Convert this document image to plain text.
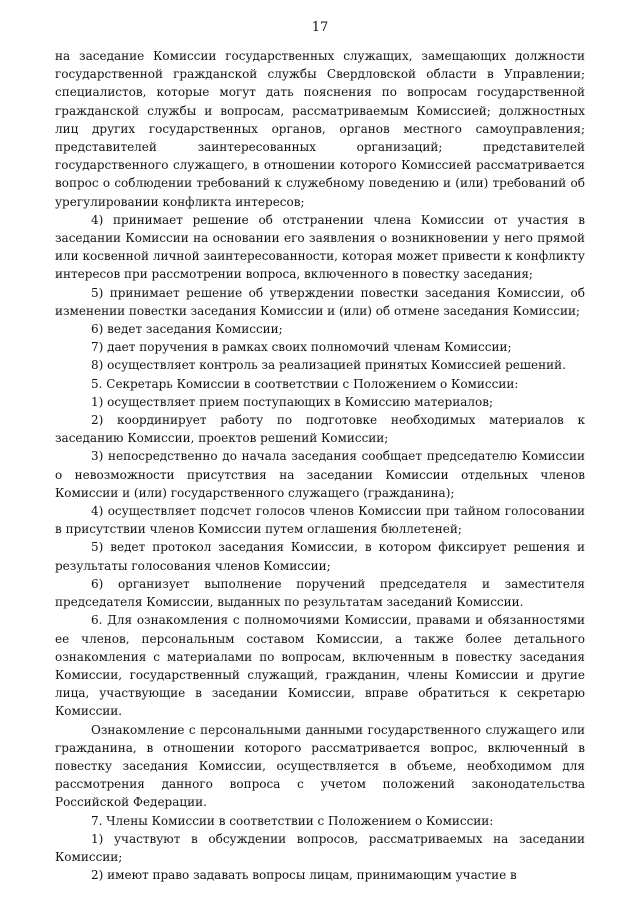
17

на заседание Комиссии государственных служащих, замещающих должности государственной гражданской службы Свердловской области в Управлении; специалистов, которые могут дать пояснения по вопросам государственной гражданской службы и вопросам, рассматриваемым Комиссией; должностных лиц других государственных органов, органов местного самоуправления; представителей заинтересованных организаций; представителей государственного служащего, в отношении которого Комиссией рассматривается вопрос о соблюдении требований к служебному поведению и (или) требований об урегулировании конфликта интересов;

4) принимает решение об отстранении члена Комиссии от участия в заседании Комиссии на основании его заявления о возникновении у него прямой или косвенной личной заинтересованности, которая может привести к конфликту интересов при рассмотрении вопроса, включенного в повестку заседания;

5) принимает решение об утверждении повестки заседания Комиссии, об изменении повестки заседания Комиссии и (или) об отмене заседания Комиссии;

6) ведет заседания Комиссии;

7) дает поручения в рамках своих полномочий членам Комиссии;

8) осуществляет контроль за реализацией принятых Комиссией решений.

5. Секретарь Комиссии в соответствии с Положением о Комиссии:

1) осуществляет прием поступающих в Комиссию материалов;

2) координирует работу по подготовке необходимых материалов к заседанию Комиссии, проектов решений Комиссии;

3) непосредственно до начала заседания сообщает председателю Комиссии о невозможности присутствия на заседании Комиссии отдельных членов Комиссии и (или) государственного служащего (гражданина);

4) осуществляет подсчет голосов членов Комиссии при тайном голосовании в присутствии членов Комиссии путем оглашения бюллетеней;

5) ведет протокол заседания Комиссии, в котором фиксирует решения и результаты голосования членов Комиссии;

6) организует выполнение поручений председателя и заместителя председателя Комиссии, выданных по результатам заседаний Комиссии.

6. Для ознакомления с полномочиями Комиссии, правами и обязанностями ее членов, персональным составом Комиссии, а также более детального ознакомления с материалами по вопросам, включенным в повестку заседания Комиссии, государственный служащий, гражданин, члены Комиссии и другие лица, участвующие в заседании Комиссии, вправе обратиться к секретарю Комиссии.

Ознакомление с персональными данными государственного служащего или гражданина, в отношении которого рассматривается вопрос, включенный в повестку заседания Комиссии, осуществляется в объеме, необходимом для рассмотрения данного вопроса с учетом положений законодательства Российской Федерации.

7. Члены Комиссии в соответствии с Положением о Комиссии:

1) участвуют в обсуждении вопросов, рассматриваемых на заседании Комиссии;

2) имеют право задавать вопросы лицам, принимающим участие в
